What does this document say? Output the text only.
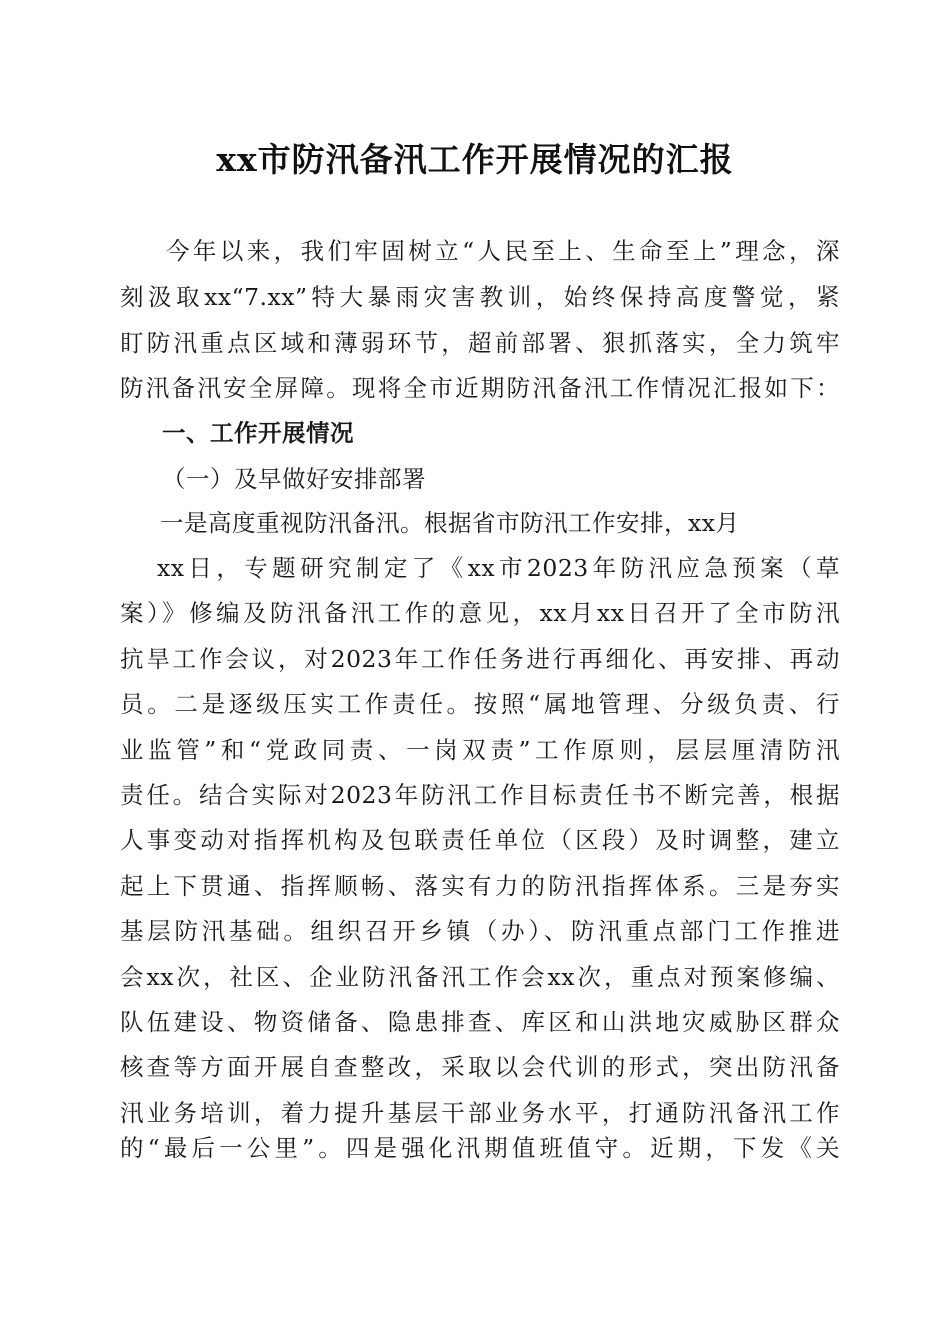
xx市防汛备汛工作开展情况的汇报
今年以来，我们牢固树立“人民至上、生命至上”理念，深
刻汲取xx“7.xx”特大暴雨灾害教训，始终保持高度警觉，紧
盯防汛重点区域和薄弱环节，超前部署、狠抓落实，全力筑牢
防汛备汛安全屏障。现将全市近期防汛备汛工作情况汇报如下：
一、工作开展情况
（一）及早做好安排部署
一是高度重视防汛备汛。根据省市防汛工作安排，xx月
xx日，专题研究制定了《xx市2023年防汛应急预案（草
案）》修编及防汛备汛工作的意见，xx月xx日召开了全市防汛
抗旱工作会议，对2023年工作任务进行再细化、再安排、再动
员。二是逐级压实工作责任。按照“属地管理、分级负责、行
业监管”和“党政同责、一岗双责”工作原则，层层厘清防汛
责任。结合实际对2023年防汛工作目标责任书不断完善，根据
人事变动对指挥机构及包联责任单位（区段）及时调整，建立
起上下贯通、指挥顺畅、落实有力的防汛指挥体系。三是夯实
基层防汛基础。组织召开乡镇（办）、防汛重点部门工作推进
会xx次，社区、企业防汛备汛工作会xx次，重点对预案修编、
队伍建设、物资储备、隐患排查、库区和山洪地灾威胁区群众
核查等方面开展自查整改，采取以会代训的形式，突出防汛备
汛业务培训，着力提升基层干部业务水平，打通防汛备汛工作
的“最后一公里”。四是强化汛期值班值守。近期，下发《关
